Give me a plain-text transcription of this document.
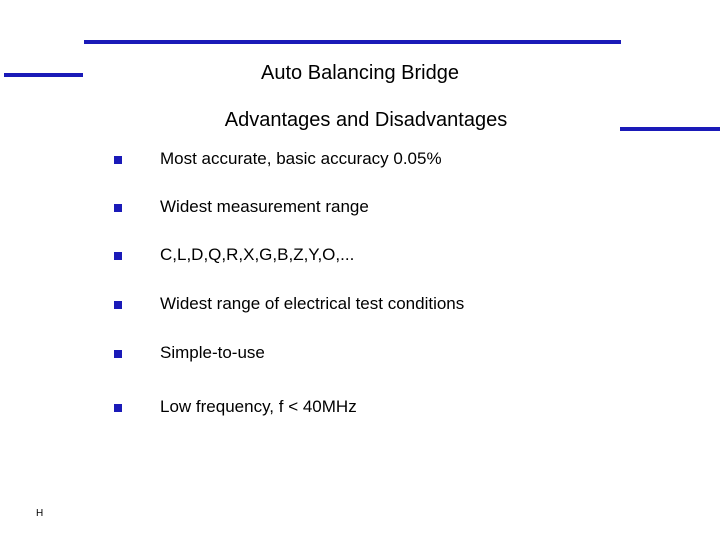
Auto Balancing Bridge
Advantages and Disadvantages
Most accurate, basic accuracy 0.05%
Widest measurement range
C,L,D,Q,R,X,G,B,Z,Y,O,...
Widest range of electrical test conditions
Simple-to-use
Low frequency, f < 40MHz
H
